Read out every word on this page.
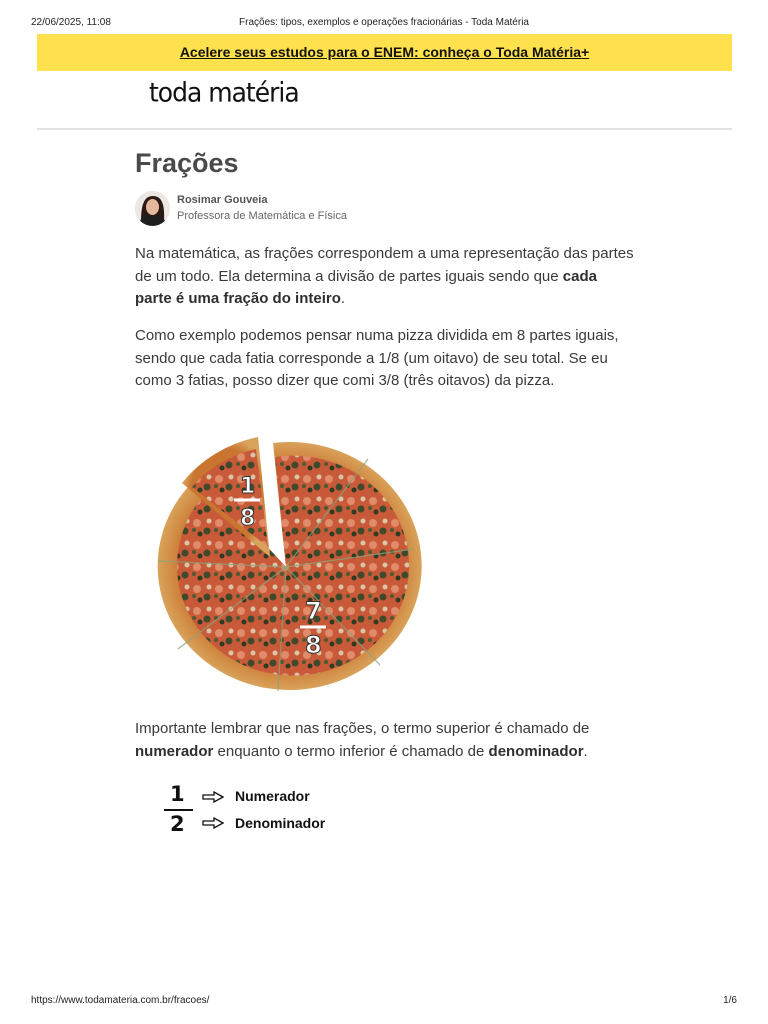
22/06/2025, 11:08	Frações: tipos, exemplos e operações fracionárias - Toda Matéria
Acelere seus estudos para o ENEM: conheça o Toda Matéria+
toda matéria
Frações
Rosimar Gouveia
Professora de Matemática e Física

Na matemática, as frações correspondem a uma representação das partes de um todo. Ela determina a divisão de partes iguais sendo que cada parte é uma fração do inteiro.

Como exemplo podemos pensar numa pizza dividida em 8 partes iguais, sendo que cada fatia corresponde a 1/8 (um oitavo) de seu total. Se eu como 3 fatias, posso dizer que comi 3/8 (três oitavos) da pizza.

1
8
7
8

Importante lembrar que nas frações, o termo superior é chamado de numerador enquanto o termo inferior é chamado de denominador.

1
2
Numerador
Denominador
https://www.todamateria.com.br/fracoes/	1/6
